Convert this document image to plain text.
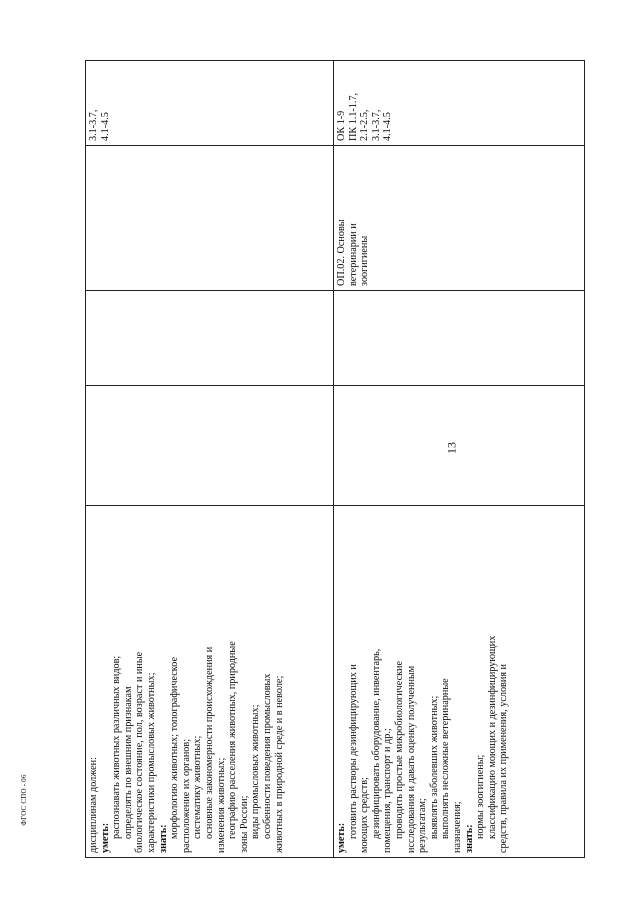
13
ФГОС СПО - 06	дисциплинам должен: уметь: распознавать животных различных видов; определять по внешним признакам биологическое состояние, пол, возраст и иные характеристики промысловых животных; знать: морфологию животных; топографическое расположение их органов; систематику животных; основные закономерности происхождения и изменения животных; географию расселения животных, природные зоны России; виды промысловых животных; особенности поведения промысловых животных в природной среде и в неволе;
3.1-3.7, 4.1-4.5
уметь: готовить растворы дезинфицирующих и моющих средств; дезинфицировать оборудование, инвентарь, помещения, транспорт и др.; проводить простые микробиологические исследования и давать оценку полученным результатам; выявлять заболевших животных; выполнять несложные ветеринарные назначения; знать: нормы зоогигиены; классификацию моющих и дезинфицирующих средств, правила их применения, условия и
ОП.02. Основы ветеринарии и зоогигиены
ОК 1-9 ПК 1.1-1.7, 2.1-2.5, 3.1-3.7, 4.1-4.5
